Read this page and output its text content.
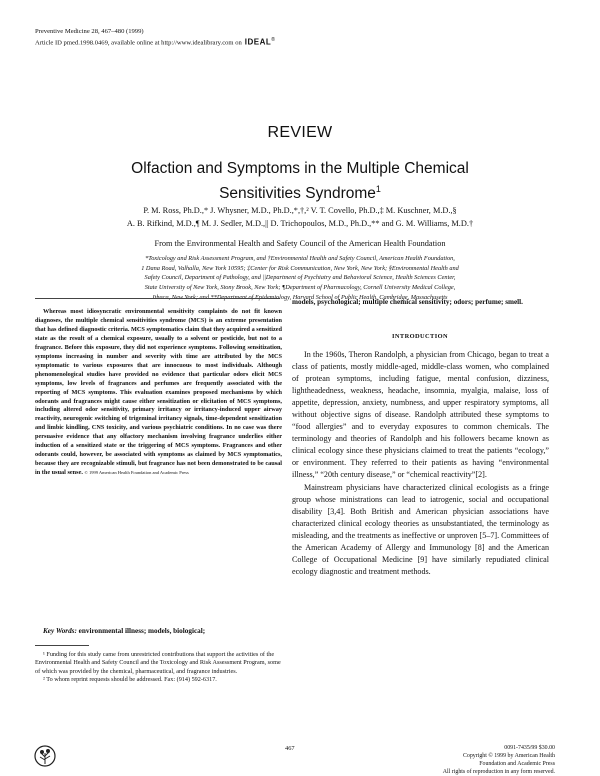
Preventive Medicine 28, 467–480 (1999)
Article ID pmed.1998.0469, available online at http://www.idealibrary.com on IDEAL®
REVIEW
Olfaction and Symptoms in the Multiple Chemical
Sensitivities Syndrome$^1$
P. M. Ross, Ph.D.,* J. Whysner, M.D., Ph.D.,*,†,² V. T. Covello, Ph.D.,‡ M. Kuschner, M.D.,§
A. B. Rifkind, M.D.,¶ M. J. Sedler, M.D.,|| D. Trichopoulos, M.D., Ph.D.,** and G. M. Williams, M.D.†
From the Environmental Health and Safety Council of the American Health Foundation
*Toxicology and Risk Assessment Program, and †Environmental Health and Safety Council, American Health Foundation,
1 Dana Road, Valhalla, New York 10595; ‡Center for Risk Communication, New York, New York; §Environmental Health and
Safety Council, Department of Pathology, and ||Department of Psychiatry and Behavioral Science, Health Sciences Center,
State University of New York, Stony Brook, New York; ¶Department of Pharmacology, Cornell University Medical College,
Ithaca, New York; and **Department of Epidemiology, Harvard School of Public Health, Cambridge, Massachusetts
Whereas most idiosyncratic environmental sensitivity complaints do not fit known diagnoses, the multiple chemical sensitivities syndrome (MCS) is an extreme presentation that has defined diagnostic criteria. MCS symptomatics claim that they acquired a sensitized state as the result of a chemical exposure, usually to a solvent or pesticide, but not to a fragrance. Before this exposure, they did not experience symptoms. Following sensitization, symptoms increasing in number and severity with time are attributed by the MCS symptomatic to various exposures that are innocuous to most individuals. Although phenomenological studies have provided no evidence that particular odors elicit MCS symptoms, low levels of fragrances and perfumes are frequently associated with the reporting of MCS symptoms. This evaluation examines proposed mechanisms by which odorants and fragrances might cause either sensitization or elicitation of MCS symptoms, including altered odor sensitivity, primary irritancy or irritancy-induced upper airway reactivity, neurogenic switching of trigeminal irritancy signals, time-dependent sensitization and limbic kindling, CNS toxicity, and various psychiatric conditions. In no case was there persuasive evidence that any olfactory mechanism involving fragrance underlies either induction of a sensitized state or the triggering of MCS symptoms. Fragrances and other odorants could, however, be associated with symptoms as claimed by MCS symptomatics, because they are recognizable stimuli, but fragrance has not been demonstrated to be causal in the usual sense. © 1999 American Health Foundation and Academic Press
Key Words: environmental illness; models, biological;
models, psychological; multiple chemical sensitivity; odors; perfume; smell.
INTRODUCTION

In the 1960s, Theron Randolph, a physician from Chicago, began to treat a class of patients, mostly middle-aged, middle-class women, who complained of protean symptoms, including fatigue, mental confusion, dizziness, lightheadedness, weakness, headache, insomnia, myalgia, malaise, loss of appetite, depression, anxiety, numbness, and upper respiratory symptoms, all without objective signs of disease. Randolph attributed these symptoms to “food allergies” and to everyday exposures to common chemicals. The terminology and theories of Randolph and his followers became known as clinical ecology since these physicians claimed to treat the patients “ecology,” or environment. They referred to their patients as having “environmental illness,” “20th century disease,” or “chemical reactivity”[2].

Mainstream physicians have characterized clinical ecologists as a fringe group whose ministrations can lead to iatrogenic, social and occupational disability [3,4]. Both British and American physician associations have characterized clinical ecology theories as unsubstantiated, the terminology as misleading, and the treatments as ineffective or unproven [5–7]. Committees of the American Academy of Allergy and Immunology [8] and the American College of Occupational Medicine [9] have similarly repudiated clinical ecology diagnostic and treatment methods.

¹ Funding for this study came from unrestricted contributions that support the activities of the Environmental Health and Safety Council and the Toxicology and Risk Assessment Program, some of which was provided by the chemical, pharmaceutical, and fragrance industries.

² To whom reprint requests should be addressed. Fax: (914) 592-6317.

467	0091-7435/99 $30.00
Copyright © 1999 by American Health Foundation and Academic Press
All rights of reproduction in any form reserved.
